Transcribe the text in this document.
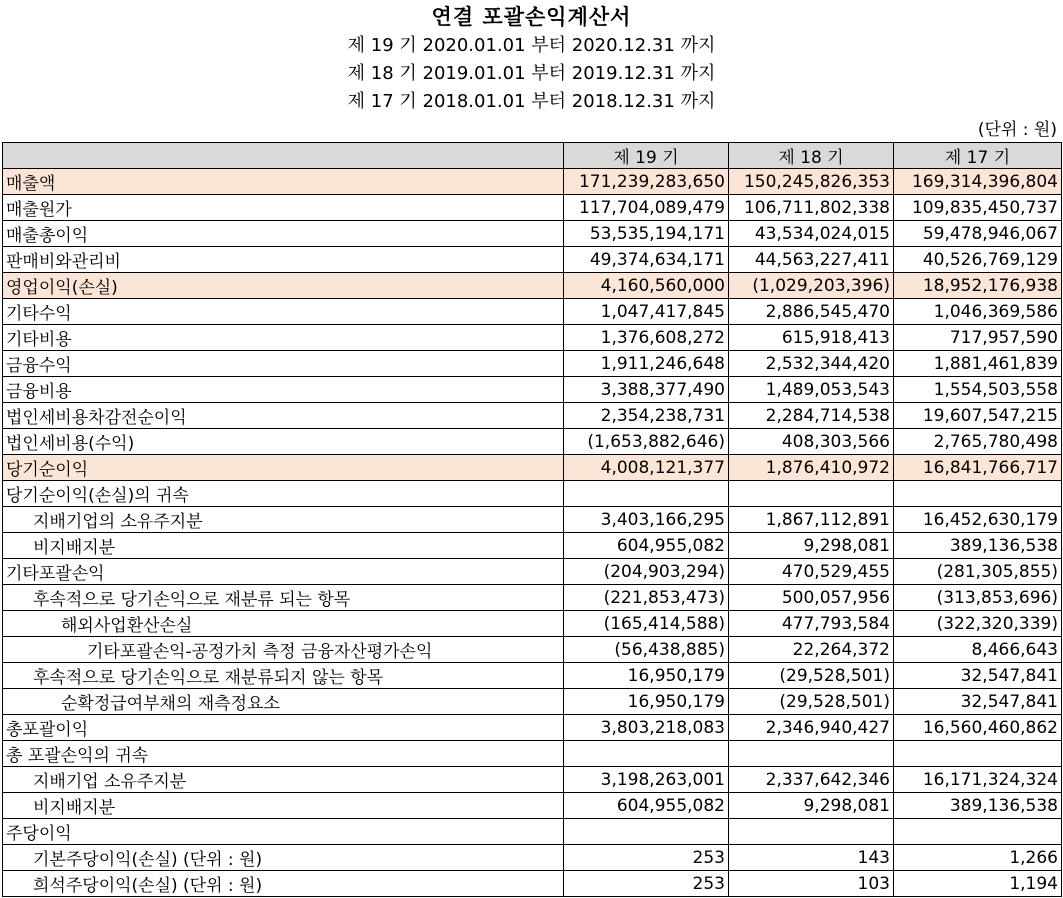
연결 포괄손익계산서
제 19 기 2020.01.01 부터 2020.12.31 까지
제 18 기 2019.01.01 부터 2019.12.31 까지
제 17 기 2018.01.01 부터 2018.12.31 까지
(단위 : 원)
	제 19 기	제 18 기	제 17 기
매출액	171,239,283,650	150,245,826,353	169,314,396,804
매출원가	117,704,089,479	106,711,802,338	109,835,450,737
매출총이익	53,535,194,171	43,534,024,015	59,478,946,067
판매비와관리비	49,374,634,171	44,563,227,411	40,526,769,129
영업이익(손실)	4,160,560,000	(1,029,203,396)	18,952,176,938
기타수익	1,047,417,845	2,886,545,470	1,046,369,586
기타비용	1,376,608,272	615,918,413	717,957,590
금융수익	1,911,246,648	2,532,344,420	1,881,461,839
금융비용	3,388,377,490	1,489,053,543	1,554,503,558
법인세비용차감전순이익	2,354,238,731	2,284,714,538	19,607,547,215
법인세비용(수익)	(1,653,882,646)	408,303,566	2,765,780,498
당기순이익	4,008,121,377	1,876,410,972	16,841,766,717
당기순이익(손실)의 귀속			
지배기업의 소유주지분	3,403,166,295	1,867,112,891	16,452,630,179
비지배지분	604,955,082	9,298,081	389,136,538
기타포괄손익	(204,903,294)	470,529,455	(281,305,855)
후속적으로 당기손익으로 재분류 되는 항목	(221,853,473)	500,057,956	(313,853,696)
해외사업환산손실	(165,414,588)	477,793,584	(322,320,339)
기타포괄손익-공정가치 측정 금융자산평가손익	(56,438,885)	22,264,372	8,466,643
후속적으로 당기손익으로 재분류되지 않는 항목	16,950,179	(29,528,501)	32,547,841
순확정급여부채의 재측정요소	16,950,179	(29,528,501)	32,547,841
총포괄이익	3,803,218,083	2,346,940,427	16,560,460,862
총 포괄손익의 귀속			
지배기업 소유주지분	3,198,263,001	2,337,642,346	16,171,324,324
비지배지분	604,955,082	9,298,081	389,136,538
주당이익			
기본주당이익(손실) (단위 : 원)	253	143	1,266
희석주당이익(손실) (단위 : 원)	253	103	1,194
